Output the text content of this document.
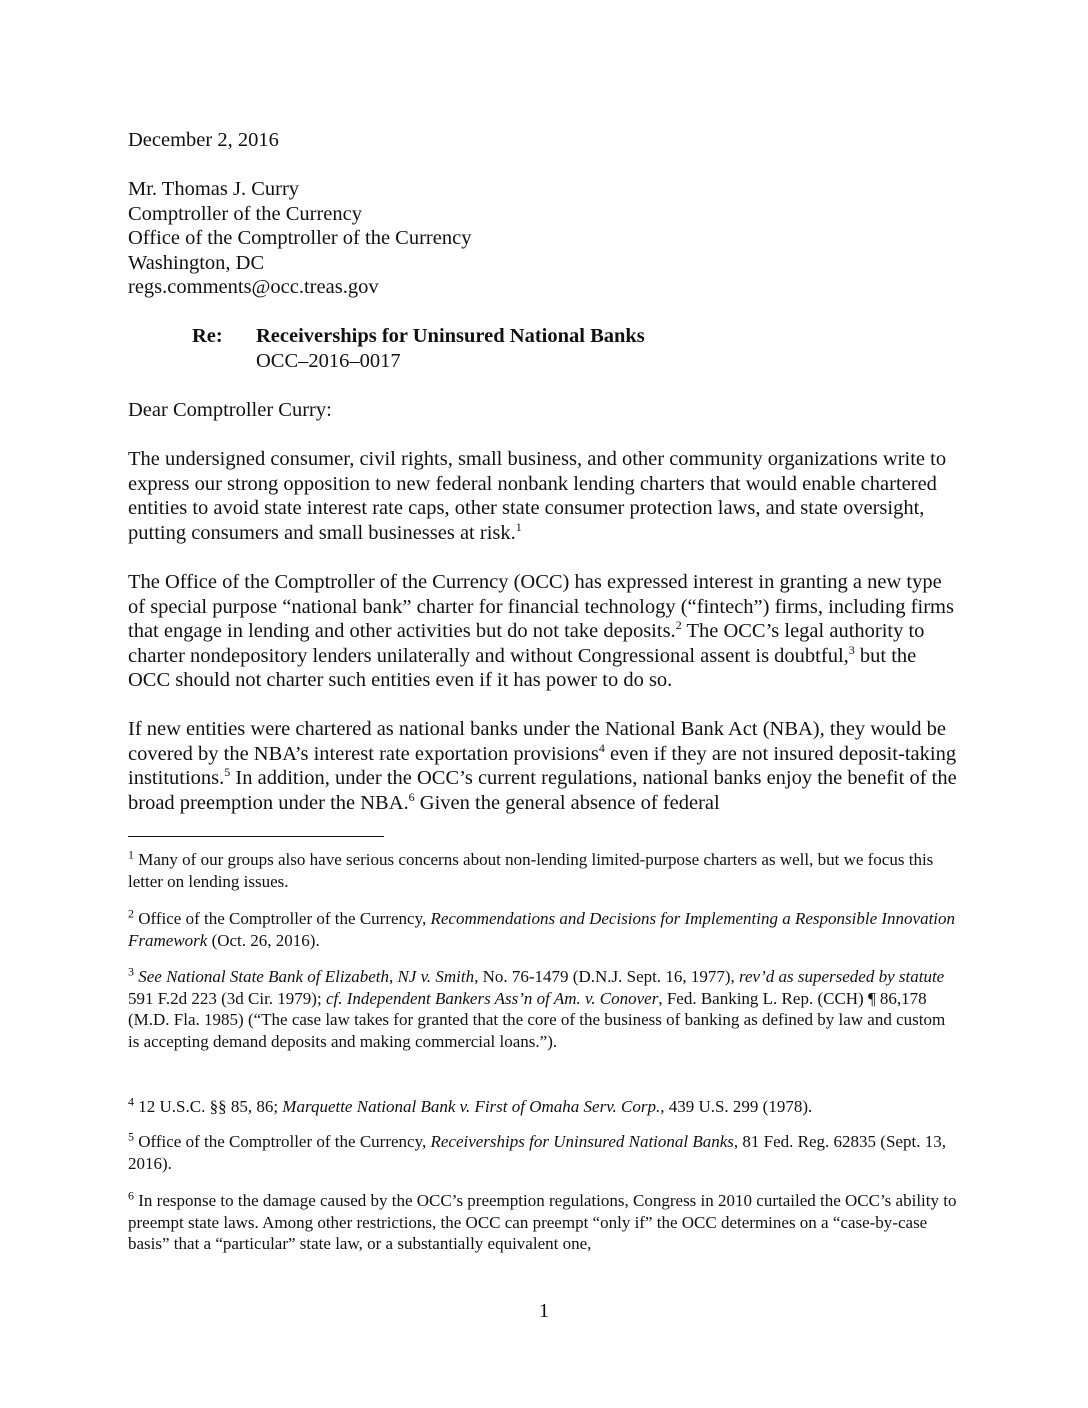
December 2, 2016

Mr. Thomas J. Curry

Comptroller of the Currency

Office of the Comptroller of the Currency

Washington, DC

regs.comments@occ.treas.gov

Re: Receiverships for Uninsured National Banks
OCC–2016–0017
Dear Comptroller Curry:

The undersigned consumer, civil rights, small business, and other community organizations write to express our strong opposition to new federal nonbank lending charters that would enable chartered entities to avoid state interest rate caps, other state consumer protection laws, and state oversight, putting consumers and small businesses at risk.$^1$

The Office of the Comptroller of the Currency (OCC) has expressed interest in granting a new type of special purpose “national bank” charter for financial technology (“fintech”) firms, including firms that engage in lending and other activities but do not take deposits.$^2$ The OCC’s legal authority to charter nondepository lenders unilaterally and without Congressional assent is doubtful,$^3$ but the OCC should not charter such entities even if it has power to do so.

If new entities were chartered as national banks under the National Bank Act (NBA), they would be covered by the NBA’s interest rate exportation provisions$^4$ even if they are not insured deposit-taking institutions.$^5$ In addition, under the OCC’s current regulations, national banks enjoy the benefit of the broad preemption under the NBA.$^6$ Given the general absence of federal

$^1$ Many of our groups also have serious concerns about non-lending limited-purpose charters as well, but we focus this letter on lending issues.

$^2$ Office of the Comptroller of the Currency, Recommendations and Decisions for Implementing a Responsible Innovation Framework (Oct. 26, 2016).

$^3$ See National State Bank of Elizabeth, NJ v. Smith, No. 76-1479 (D.N.J. Sept. 16, 1977), rev’d as superseded by statute 591 F.2d 223 (3d Cir. 1979); cf. Independent Bankers Ass’n of Am. v. Conover, Fed. Banking L. Rep. (CCH) ¶ 86,178 (M.D. Fla. 1985) (“The case law takes for granted that the core of the business of banking as defined by law and custom is accepting demand deposits and making commercial loans.”).

$^4$ 12 U.S.C. §§ 85, 86; Marquette National Bank v. First of Omaha Serv. Corp., 439 U.S. 299 (1978).

$^5$ Office of the Comptroller of the Currency, Receiverships for Uninsured National Banks, 81 Fed. Reg. 62835 (Sept. 13, 2016).

$^6$ In response to the damage caused by the OCC’s preemption regulations, Congress in 2010 curtailed the OCC’s ability to preempt state laws. Among other restrictions, the OCC can preempt “only if” the OCC determines on a “case-by-case basis” that a “particular” state law, or a substantially equivalent one,

1
